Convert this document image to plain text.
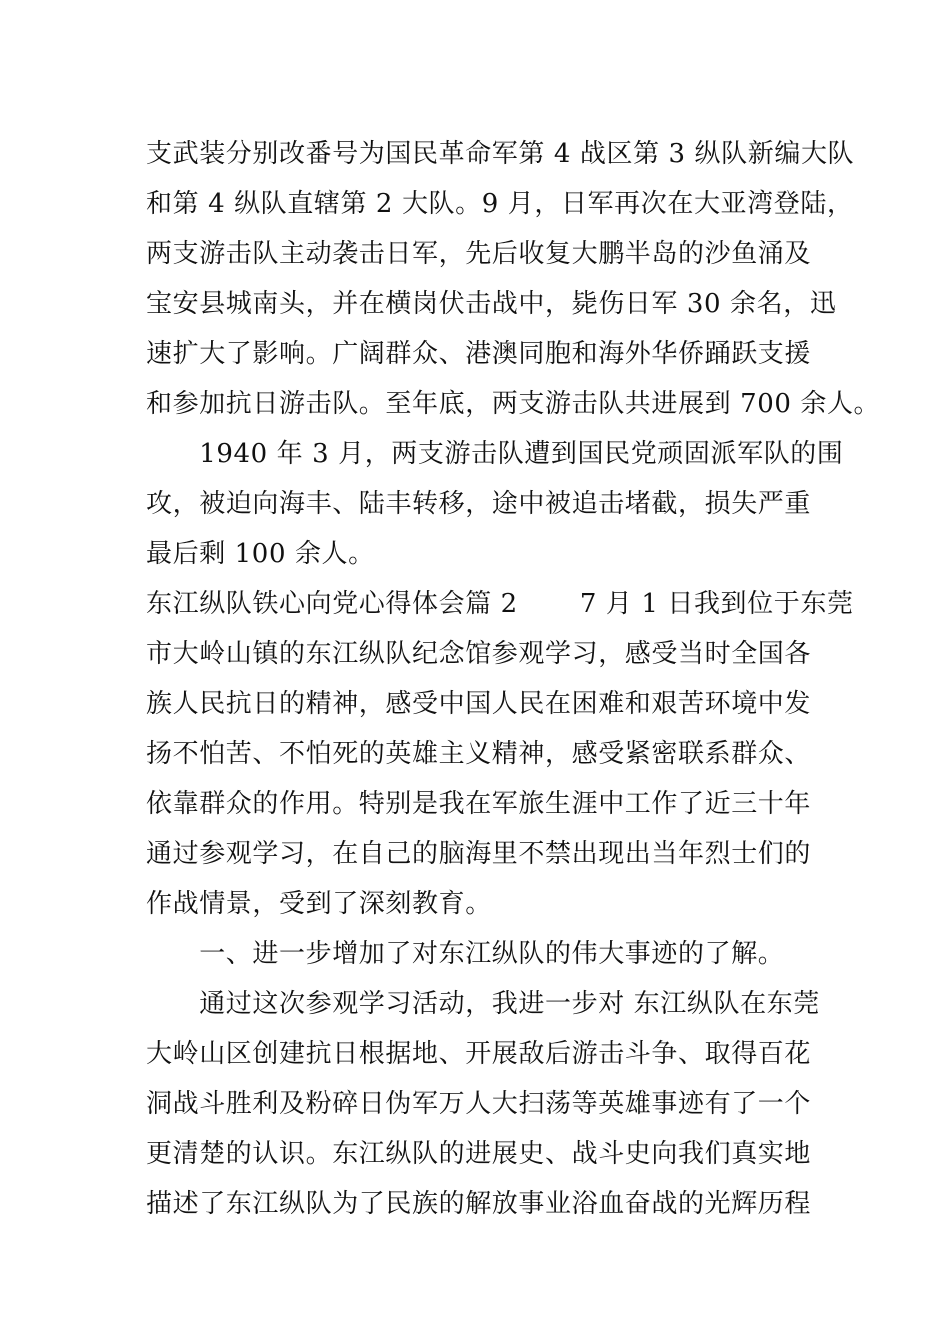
支武装分别改番号为国民革命军第 4 战区第 3 纵队新编大队
和第 4 纵队直辖第 2 大队。9 月，日军再次在大亚湾登陆，
两支游击队主动袭击日军，先后收复大鹏半岛的沙鱼涌及
宝安县城南头，并在横岗伏击战中，毙伤日军 30 余名，迅
速扩大了影响。广阔群众、港澳同胞和海外华侨踊跃支援
和参加抗日游击队。至年底，两支游击队共进展到 700 余人。
　　1940 年 3 月，两支游击队遭到国民党顽固派军队的围
攻，被迫向海丰、陆丰转移，途中被追击堵截，损失严重
最后剩 100 余人。
东江纵队铁心向党心得体会篇 2　　 7 月 1 日我到位于东莞
市大岭山镇的东江纵队纪念馆参观学习，感受当时全国各
族人民抗日的精神，感受中国人民在困难和艰苦环境中发
扬不怕苦、不怕死的英雄主义精神，感受紧密联系群众、
依靠群众的作用。特别是我在军旅生涯中工作了近三十年
通过参观学习，在自己的脑海里不禁出现出当年烈士们的
作战情景，受到了深刻教育。
　　一、进一步增加了对东江纵队的伟大事迹的了解。
　　通过这次参观学习活动，我进一步对 东江纵队在东莞
大岭山区创建抗日根据地、开展敌后游击斗争、取得百花
洞战斗胜利及粉碎日伪军万人大扫荡等英雄事迹有了一个
更清楚的认识。东江纵队的进展史、战斗史向我们真实地
描述了东江纵队为了民族的解放事业浴血奋战的光辉历程
